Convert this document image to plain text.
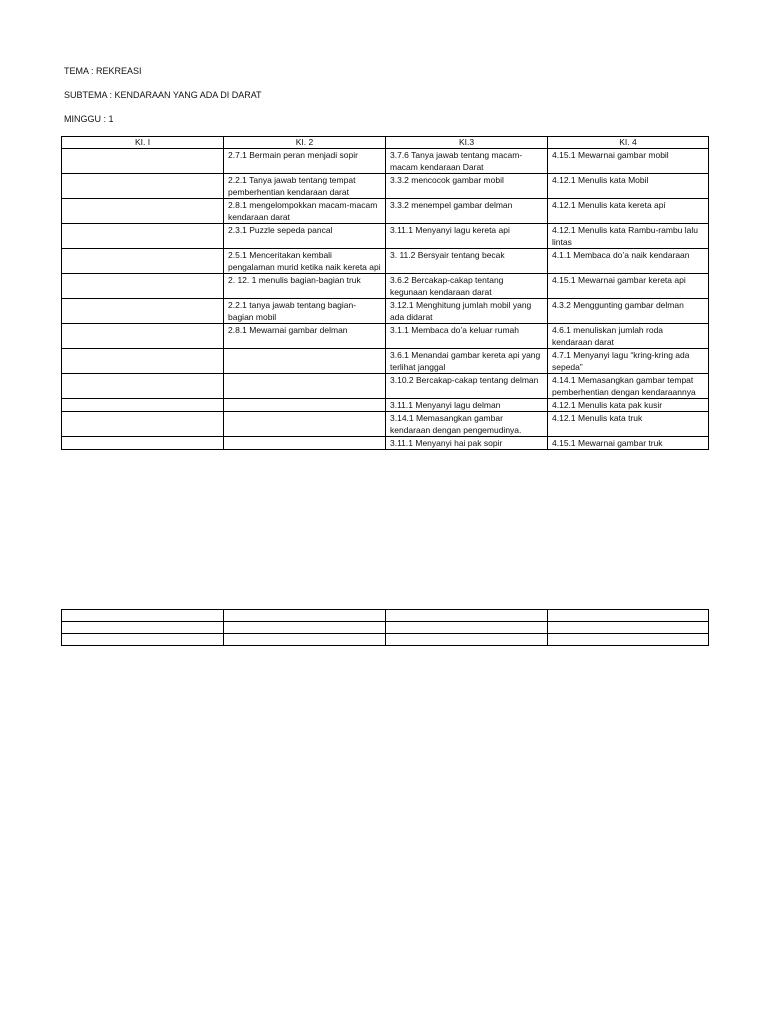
TEMA : REKREASI
SUBTEMA : KENDARAAN YANG ADA DI DARAT
MINGGU : 1
KI. I	KI. 2	KI.3	KI. 4
	2.7.1 Bermain peran menjadi sopir	3.7.6 Tanya jawab tentang macam-macam kendaraan Darat	4.15.1 Mewarnai gambar mobil
	2.2.1 Tanya jawab tentang tempat pemberhentian kendaraan darat	3.3.2 mencocok gambar mobil	4.12.1 Menulis kata Mobil
	2.8.1 mengelompokkan macam-macam kendaraan darat	3.3.2 menempel gambar delman	4.12.1 Menulis kata kereta api
	2.3.1 Puzzle sepeda pancal	3.11.1 Menyanyi lagu kereta api	4.12.1 Menulis kata Rambu-rambu lalu lintas
	2.5.1 Menceritakan kembali pengalaman murid ketika naik kereta api	3. 11.2 Bersyair tentang becak	4.1.1 Membaca do’a naik kendaraan
	2. 12. 1 menulis bagian-bagian truk	3.6.2 Bercakap-cakap tentang kegunaan kendaraan darat	4.15.1 Mewarnai gambar kereta api
	2.2.1 tanya jawab tentang bagian-bagian mobil	3.12.1 Menghitung jumlah mobil yang ada didarat	4.3.2 Menggunting gambar delman
	2.8.1 Mewarnai gambar delman	3.1.1 Membaca do’a keluar rumah	4.6.1 menuliskan jumlah roda kendaraan darat
		3.6.1 Menandai gambar kereta api yang terlihat janggal	4.7.1 Menyanyi lagu “kring-kring ada sepeda”
		3.10.2 Bercakap-cakap tentang delman	4.14.1 Memasangkan gambar tempat pemberhentian dengan kendaraannya
		3.11.1 Menyanyi lagu delman	4.12.1 Menulis kata pak kusir
		3.14.1 Memasangkan gambar kendaraan dengan pengemudinya.	4.12.1 Menulis kata truk
		3.11.1 Menyanyi hai pak sopir	4.15.1 Mewarnai gambar truk
